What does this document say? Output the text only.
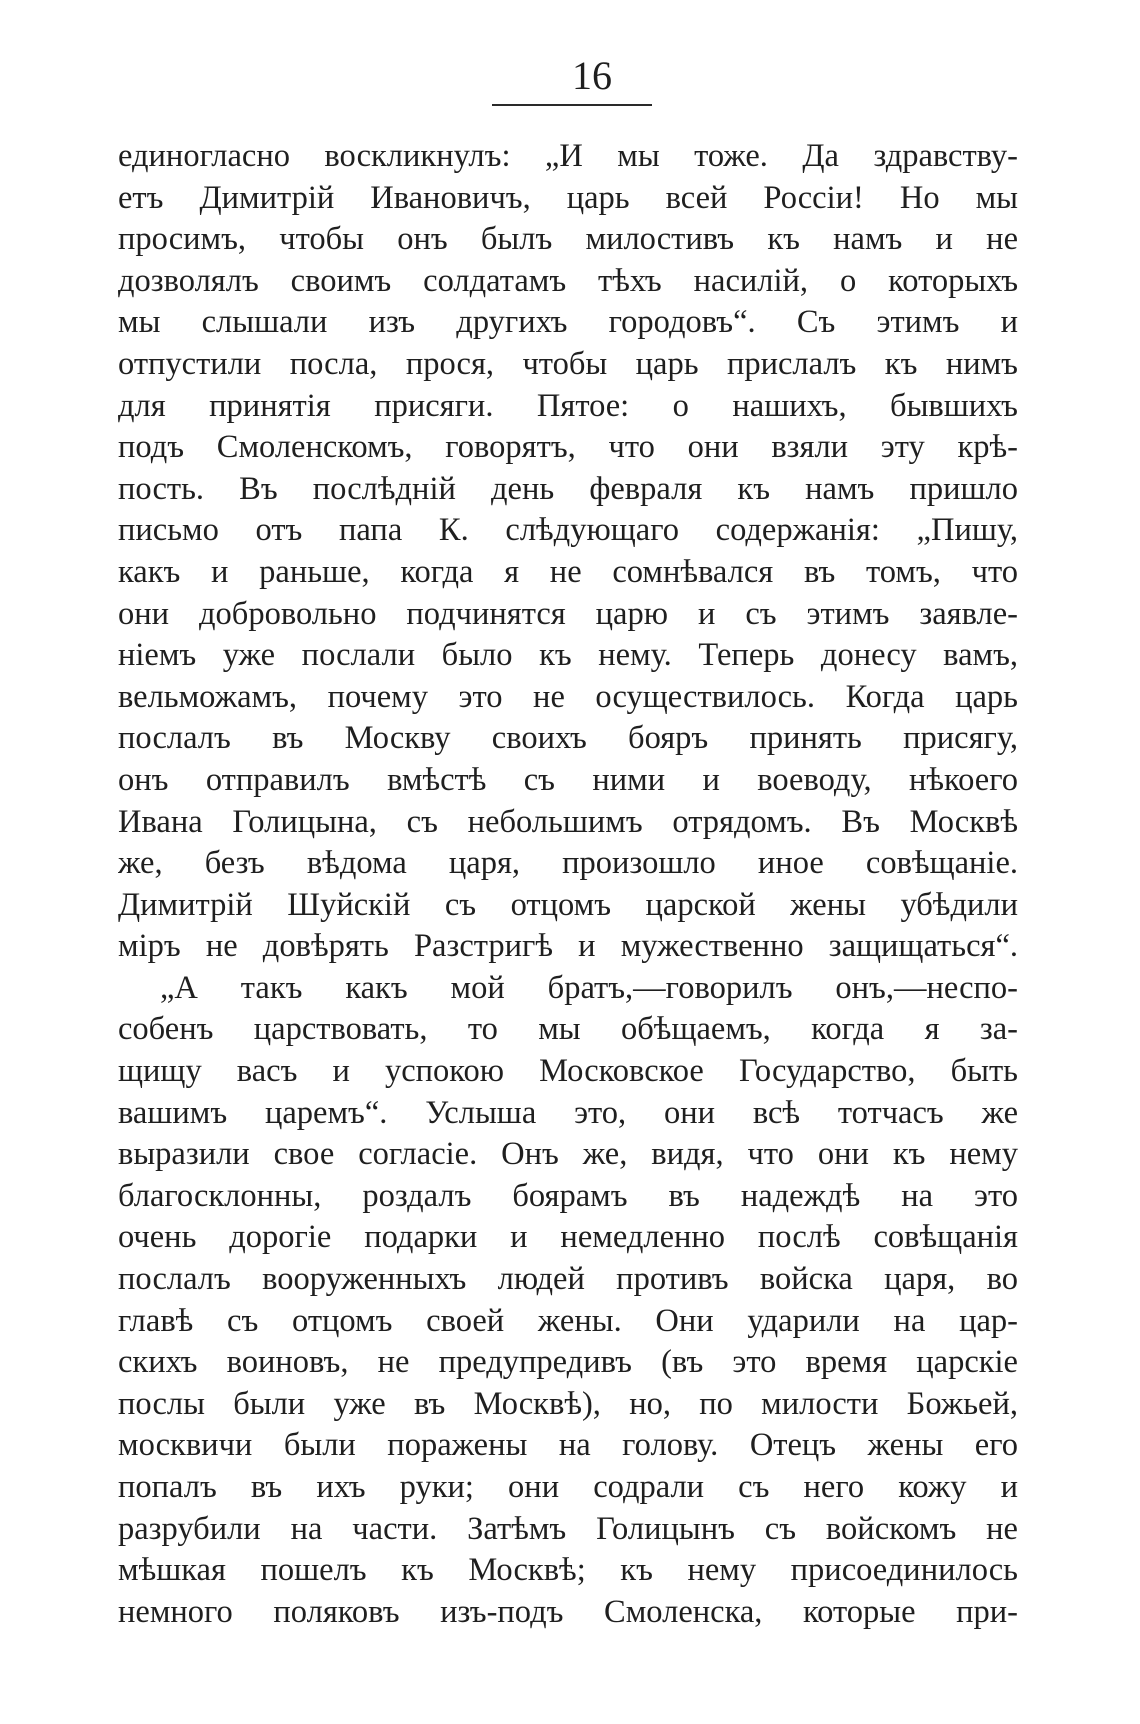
16
единогласно воскликнулъ: „И мы тоже. Да здравству-
етъ Димитрій Ивановичъ, царь всей Россіи! Но мы
просимъ, чтобы онъ былъ милостивъ къ намъ и не
дозволялъ своимъ солдатамъ тѣхъ насилій, о которыхъ
мы слышали изъ другихъ городовъ“. Съ этимъ и
отпустили посла, прося, чтобы царь прислалъ къ нимъ
для принятія присяги. Пятое: о нашихъ, бывшихъ
подъ Смоленскомъ, говорятъ, что они взяли эту крѣ-
пость. Въ послѣдній день февраля къ намъ пришло
письмо отъ папа К. слѣдующаго содержанія: „Пишу,
какъ и раньше, когда я не сомнѣвался въ томъ, что
они добровольно подчинятся царю и съ этимъ заявле-
ніемъ уже послали было къ нему. Теперь донесу вамъ,
вельможамъ, почему это не осуществилось. Когда царь
послалъ въ Москву своихъ бояръ принять присягу,
онъ отправилъ вмѣстѣ съ ними и воеводу, нѣкоего
Ивана Голицына, съ небольшимъ отрядомъ. Въ Москвѣ
же, безъ вѣдома царя, произошло иное совѣщаніе.
Димитрій Шуйскій съ отцомъ царской жены убѣдили
міръ не довѣрять Разстригѣ и мужественно защищаться“.
„А такъ какъ мой братъ,—говорилъ онъ,—неспо-
собенъ царствовать, то мы обѣщаемъ, когда я за-
щищу васъ и успокою Московское Государство, быть
вашимъ царемъ“. Услыша это, они всѣ тотчасъ же
выразили свое согласіе. Онъ же, видя, что они къ нему
благосклонны, роздалъ боярамъ въ надеждѣ на это
очень дорогіе подарки и немедленно послѣ совѣщанія
послалъ вооруженныхъ людей противъ войска царя, во
главѣ съ отцомъ своей жены. Они ударили на цар-
скихъ воиновъ, не предупредивъ (въ это время царскіе
послы были уже въ Москвѣ), но, по милости Божьей,
москвичи были поражены на голову. Отецъ жены его
попалъ въ ихъ руки; они содрали съ него кожу и
разрубили на части. Затѣмъ Голицынъ съ войскомъ не
мѣшкая пошелъ къ Москвѣ; къ нему присоединилось
немного поляковъ изъ-подъ Смоленска, которые при-
